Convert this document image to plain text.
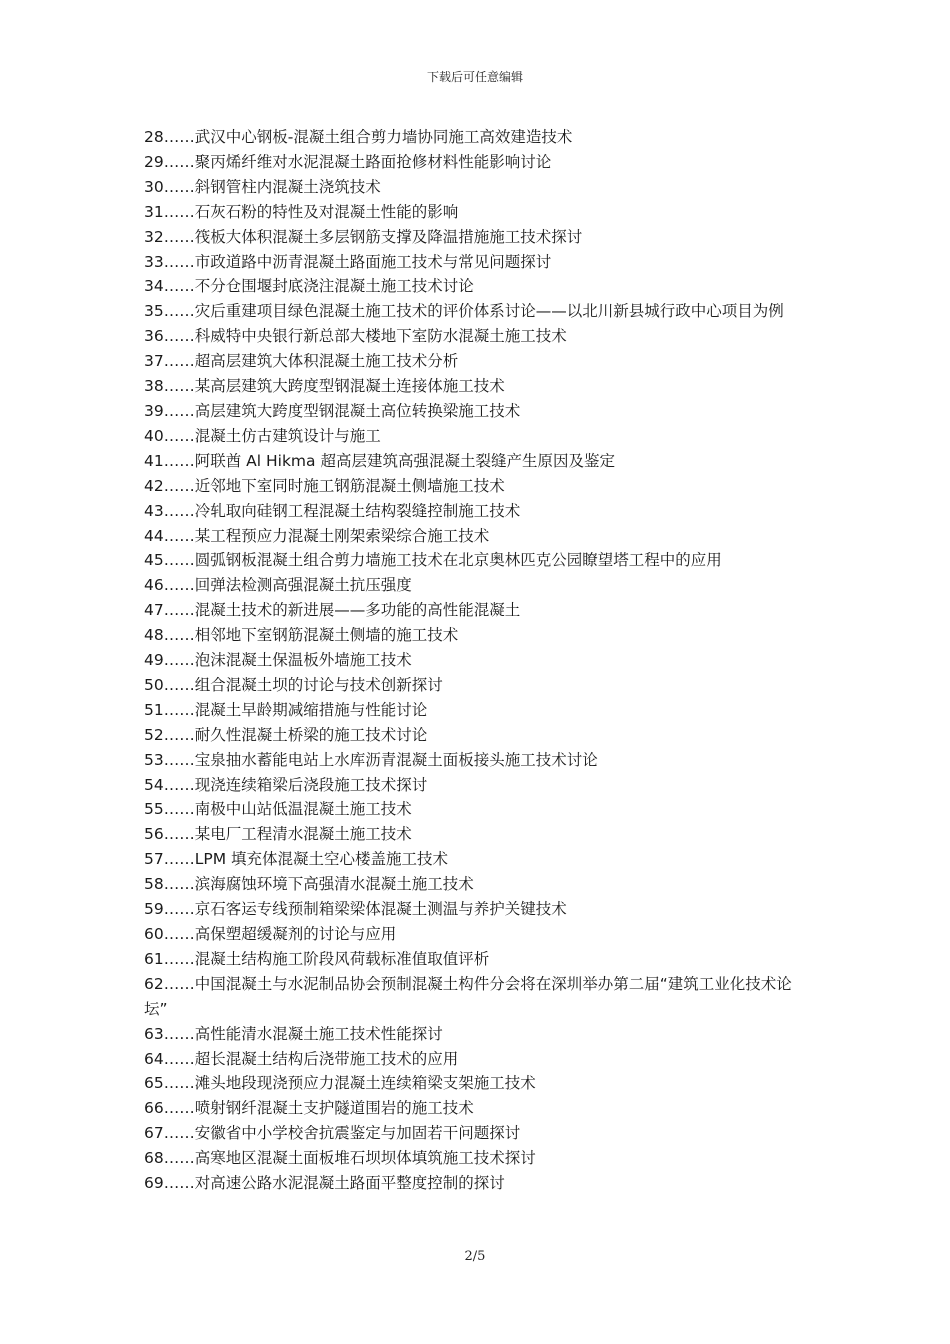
下载后可任意编辑
28……武汉中心钢板-混凝土组合剪力墙协同施工高效建造技术
29……聚丙烯纤维对水泥混凝土路面抢修材料性能影响讨论
30……斜钢管柱内混凝土浇筑技术
31……石灰石粉的特性及对混凝土性能的影响
32……筏板大体积混凝土多层钢筋支撑及降温措施施工技术探讨
33……市政道路中沥青混凝土路面施工技术与常见问题探讨
34……不分仓围堰封底浇注混凝土施工技术讨论
35……灾后重建项目绿色混凝土施工技术的评价体系讨论——以北川新县城行政中心项目为例
36……科威特中央银行新总部大楼地下室防水混凝土施工技术
37……超高层建筑大体积混凝土施工技术分析
38……某高层建筑大跨度型钢混凝土连接体施工技术
39……高层建筑大跨度型钢混凝土高位转换梁施工技术
40……混凝土仿古建筑设计与施工
41……阿联酋 Al Hikma 超高层建筑高强混凝土裂缝产生原因及鉴定
42……近邻地下室同时施工钢筋混凝土侧墙施工技术
43……冷轧取向硅钢工程混凝土结构裂缝控制施工技术
44……某工程预应力混凝土刚架索梁综合施工技术
45……圆弧钢板混凝土组合剪力墙施工技术在北京奥林匹克公园瞭望塔工程中的应用
46……回弹法检测高强混凝土抗压强度
47……混凝土技术的新进展——多功能的高性能混凝土
48……相邻地下室钢筋混凝土侧墙的施工技术
49……泡沫混凝土保温板外墙施工技术
50……组合混凝土坝的讨论与技术创新探讨
51……混凝土早龄期减缩措施与性能讨论
52……耐久性混凝土桥梁的施工技术讨论
53……宝泉抽水蓄能电站上水库沥青混凝土面板接头施工技术讨论
54……现浇连续箱梁后浇段施工技术探讨
55……南极中山站低温混凝土施工技术
56……某电厂工程清水混凝土施工技术
57……LPM 填充体混凝土空心楼盖施工技术
58……滨海腐蚀环境下高强清水混凝土施工技术
59……京石客运专线预制箱梁梁体混凝土测温与养护关键技术
60……高保塑超缓凝剂的讨论与应用
61……混凝土结构施工阶段风荷载标准值取值评析
62……中国混凝土与水泥制品协会预制混凝土构件分会将在深圳举办第二届“建筑工业化技术论坛”
63……高性能清水混凝土施工技术性能探讨
64……超长混凝土结构后浇带施工技术的应用
65……滩头地段现浇预应力混凝土连续箱梁支架施工技术
66……喷射钢纤混凝土支护隧道围岩的施工技术
67……安徽省中小学校舍抗震鉴定与加固若干问题探讨
68……高寒地区混凝土面板堆石坝坝体填筑施工技术探讨
69……对高速公路水泥混凝土路面平整度控制的探讨
2/5
